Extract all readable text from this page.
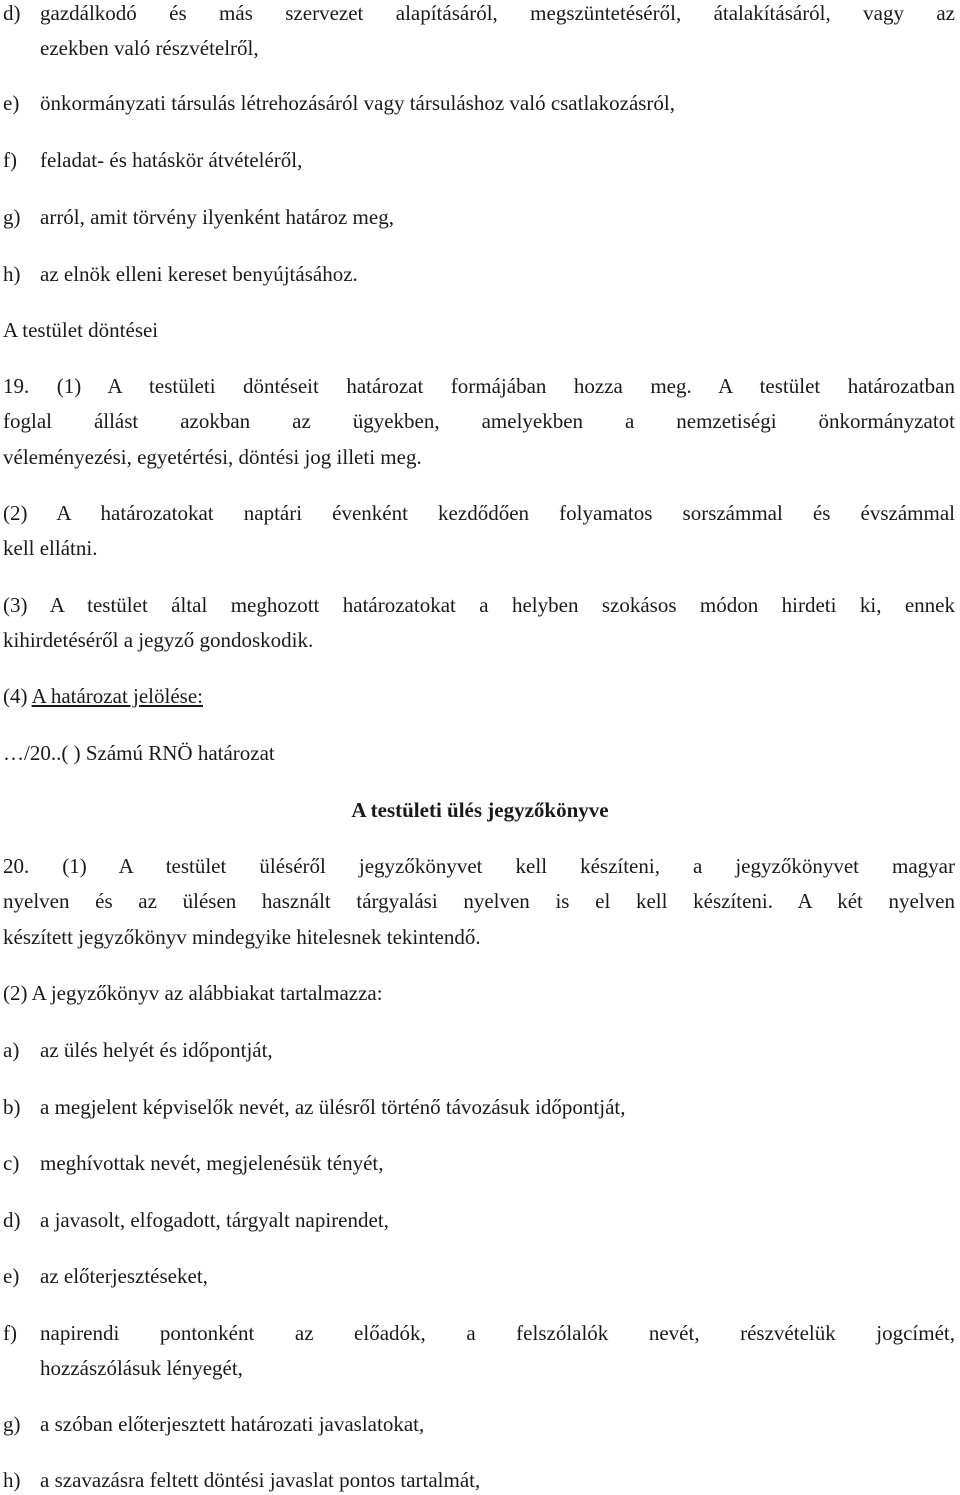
d) gazdálkodó és más szervezet alapításáról, megszüntetéséről, átalakításáról, vagy az
ezekben való részvételről,
e) önkormányzati társulás létrehozásáról vagy társuláshoz való csatlakozásról,
f)	feladat- és hatáskör átvételéről,
g) arról, amit törvény ilyenként határoz meg,
h) az elnök elleni kereset benyújtásához.
A testület döntései
19. (1) A testületi döntéseit határozat formájában hozza meg. A testület határozatban
foglal állást azokban az ügyekben, amelyekben a nemzetiségi önkormányzatot
véleményezési, egyetértési, döntési jog illeti meg.
(2) A határozatokat naptári évenként kezdődően folyamatos sorszámmal és évszámmal
kell ellátni.
(3) A testület által meghozott határozatokat a helyben szokásos módon hirdeti ki, ennek
kihirdetéséről a jegyző gondoskodik.
(4) A határozat jelölése:
…/20..( ) Számú RNÖ határozat
A testületi ülés jegyzőkönyve
20. (1) A testület üléséről jegyzőkönyvet kell készíteni, a jegyzőkönyvet magyar
nyelven és az ülésen használt tárgyalási nyelven is el kell készíteni. A két nyelven
készített jegyzőkönyv mindegyike hitelesnek tekintendő.
(2) A jegyzőkönyv az alábbiakat tartalmazza:
a) az ülés helyét és időpontját,
b) a megjelent képviselők nevét, az ülésről történő távozásuk időpontját,
c) meghívottak nevét, megjelenésük tényét,
d) a javasolt, elfogadott, tárgyalt napirendet,
e) az előterjesztéseket,
f)	napirendi pontonként az előadók, a felszólalók nevét, részvételük jogcímét,
hozzászólásuk lényegét,
g) a szóban előterjesztett határozati javaslatokat,
h) a szavazásra feltett döntési javaslat pontos tartalmát,
